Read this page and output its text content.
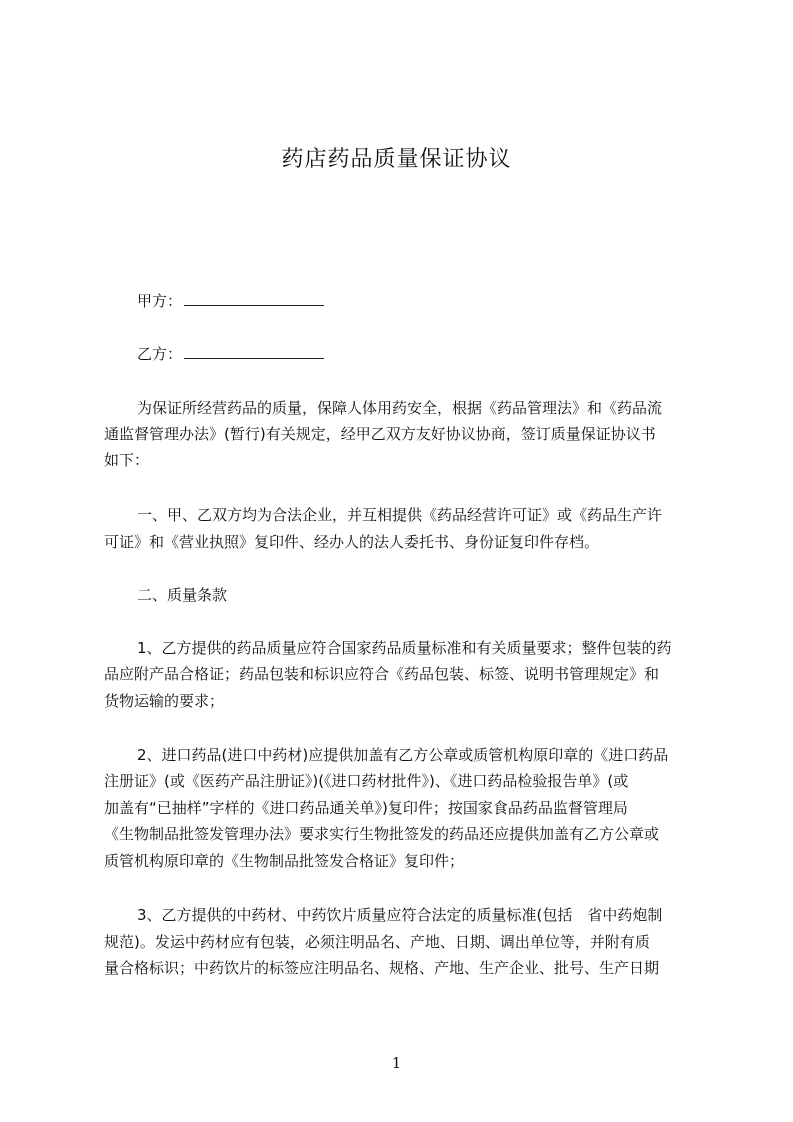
药店药品质量保证协议
甲方：
乙方：
为保证所经营药品的质量，保障人体用药安全，根据《药品管理法》和《药品流
通监督管理办法》(暂行)有关规定，经甲乙双方友好协议协商，签订质量保证协议书
如下：
一、甲、乙双方均为合法企业，并互相提供《药品经营许可证》或《药品生产许
可证》和《营业执照》复印件、经办人的法人委托书、身份证复印件存档。
二、质量条款
1、乙方提供的药品质量应符合国家药品质量标准和有关质量要求；整件包装的药
品应附产品合格证；药品包装和标识应符合《药品包装、标签、说明书管理规定》和
货物运输的要求；
2、进口药品(进口中药材)应提供加盖有乙方公章或质管机构原印章的《进口药品
注册证》(或《医药产品注册证》)(《进口药材批件》)、《进口药品检验报告单》(或
加盖有“已抽样”字样的《进口药品通关单》)复印件；按国家食品药品监督管理局
《生物制品批签发管理办法》要求实行生物批签发的药品还应提供加盖有乙方公章或
质管机构原印章的《生物制品批签发合格证》复印件；
3、乙方提供的中药材、中药饮片质量应符合法定的质量标准(包括　省中药炮制
规范)。发运中药材应有包装，必须注明品名、产地、日期、调出单位等，并附有质
量合格标识；中药饮片的标签应注明品名、规格、产地、生产企业、批号、生产日期
1
